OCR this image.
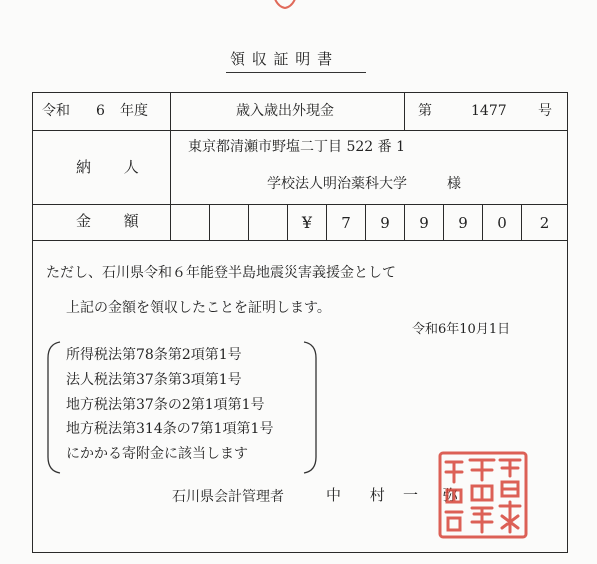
領 収 証 明 書
令和 6 年度	歳入歳出外現金	第	1477 号
納 人
東京都清瀬市野塩二丁目 522 番 1
学校法人明治薬科大学	様
金 額	¥	7	9	9	9	0	2
ただし、石川県令和６年能登半島地震災害義援金として
上記の金額を領収したことを証明します。
令和6年10月1日
所得税法第78条第2項第1号
法人税法第37条第3項第1号
地方税法第37条の2第1項第1号
地方税法第314条の7第1項第1号
にかかる寄附金に該当します
石川県会計管理者	中 村 一 弥
